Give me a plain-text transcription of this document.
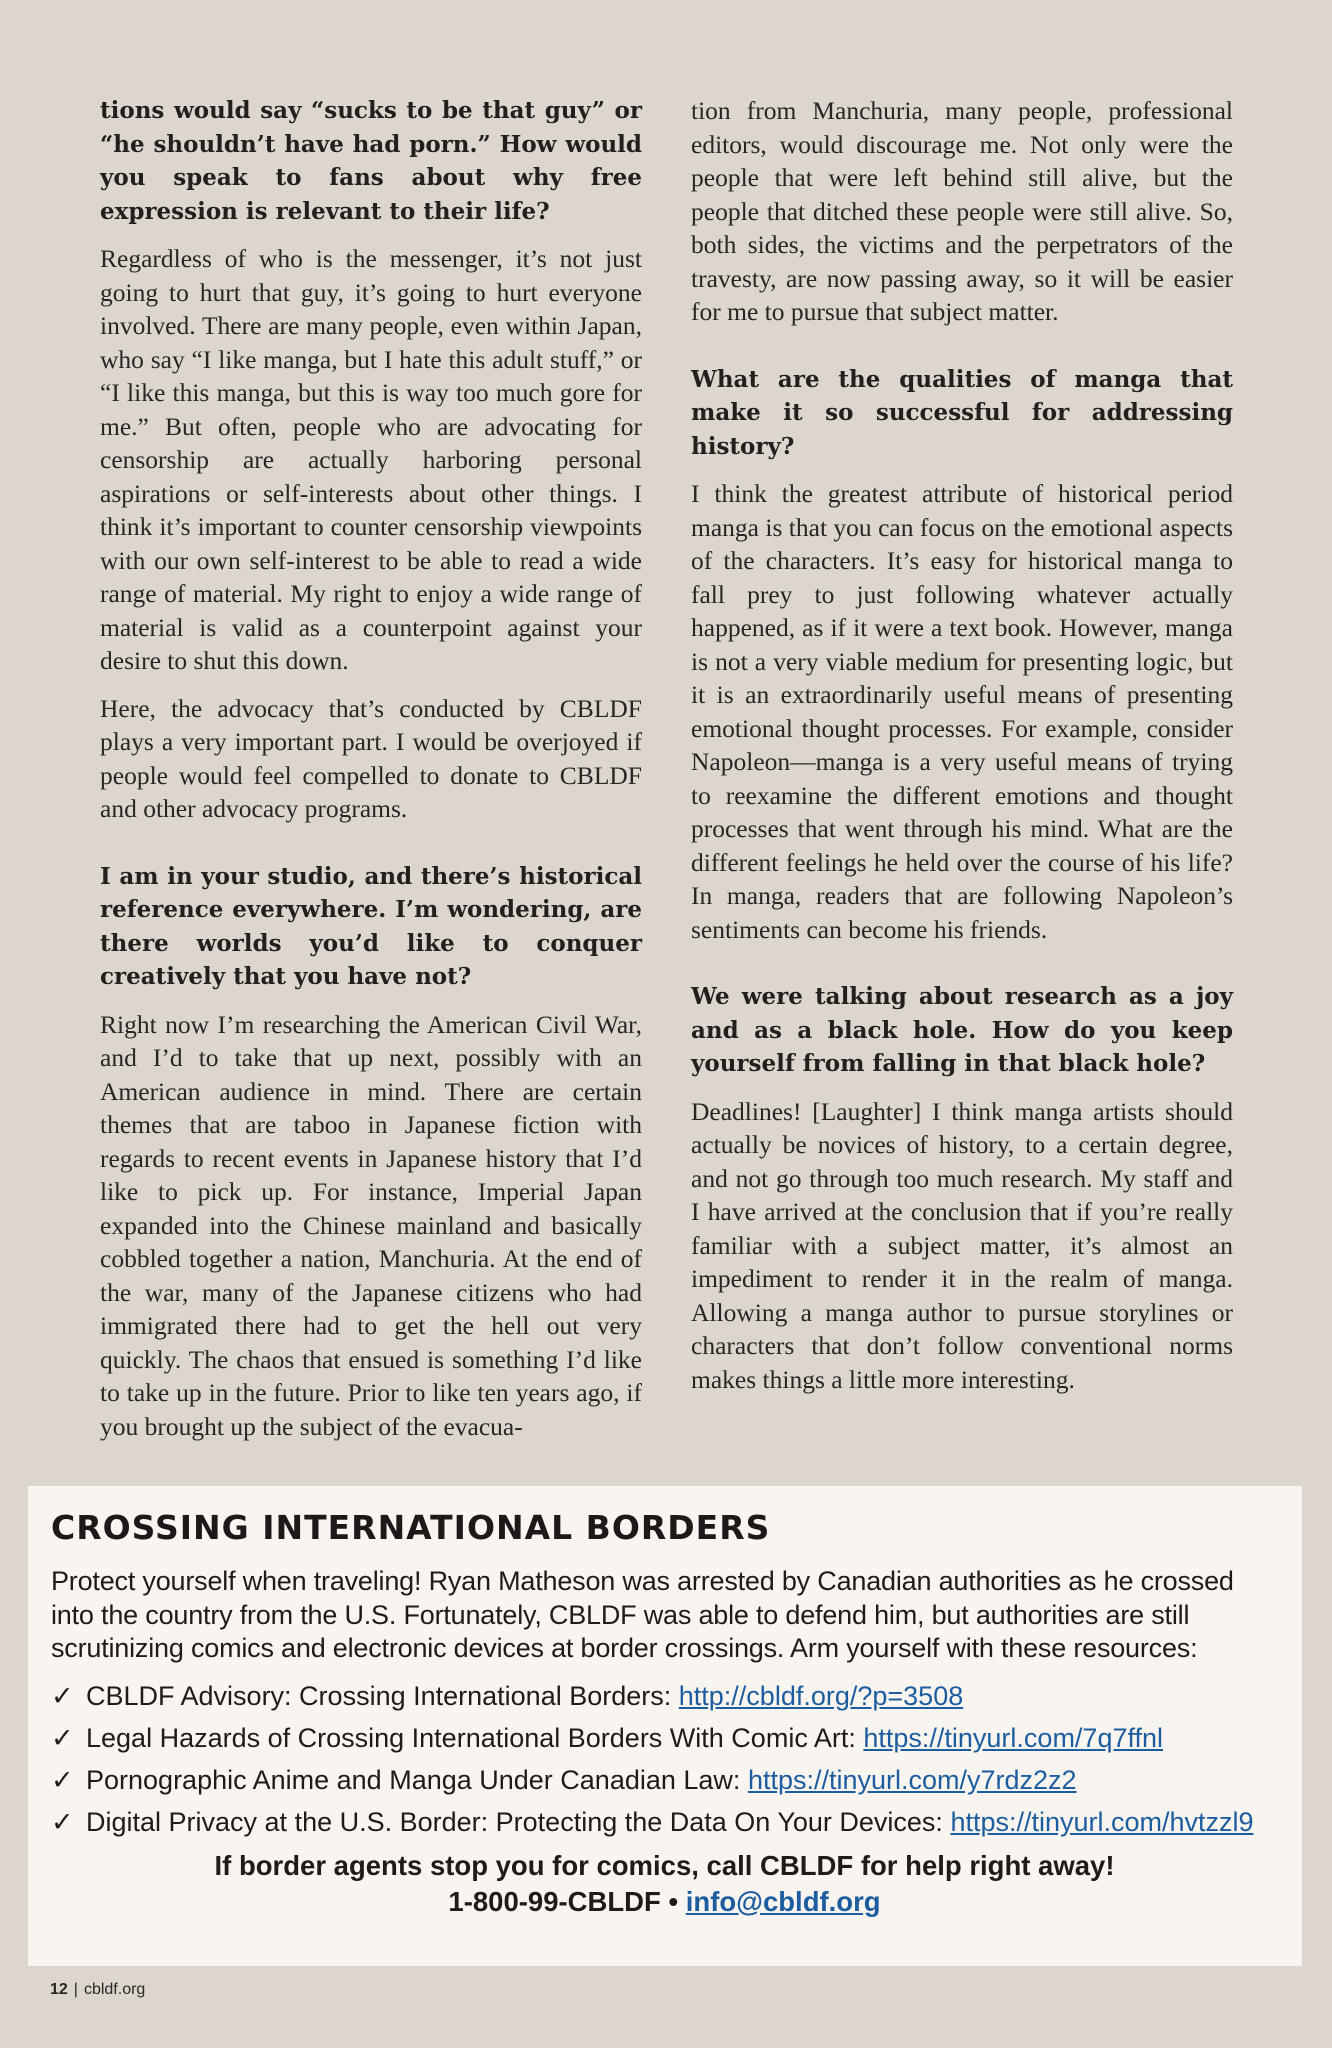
tions would say “sucks to be that guy” or “he shouldn’t have had porn.” How would you speak to fans about why free expression is relevant to their life?

Regardless of who is the messenger, it’s not just going to hurt that guy, it’s going to hurt everyone involved. There are many people, even within Japan, who say “I like manga, but I hate this adult stuff,” or “I like this manga, but this is way too much gore for me.” But often, people who are advocating for censorship are actually harboring personal aspirations or self-interests about other things. I think it’s important to counter censorship viewpoints with our own self-interest to be able to read a wide range of material. My right to enjoy a wide range of material is valid as a counterpoint against your desire to shut this down.

Here, the advocacy that’s conducted by CBLDF plays a very important part. I would be overjoyed if people would feel compelled to donate to CBLDF and other advocacy programs.

I am in your studio, and there’s historical reference everywhere. I’m wondering, are there worlds you’d like to conquer creatively that you have not?

Right now I’m researching the American Civil War, and I’d to take that up next, possibly with an American audience in mind. There are certain themes that are taboo in Japanese fiction with regards to recent events in Japanese history that I’d like to pick up. For instance, Imperial Japan expanded into the Chinese mainland and basically cobbled together a nation, Manchuria. At the end of the war, many of the Japanese citizens who had immigrated there had to get the hell out very quickly. The chaos that ensued is something I’d like to take up in the future. Prior to like ten years ago, if you brought up the subject of the evacua-

tion from Manchuria, many people, professional editors, would discourage me. Not only were the people that were left behind still alive, but the people that ditched these people were still alive. So, both sides, the victims and the perpetrators of the travesty, are now passing away, so it will be easier for me to pursue that subject matter.

What are the qualities of manga that make it so successful for addressing history?

I think the greatest attribute of historical period manga is that you can focus on the emotional aspects of the characters. It’s easy for historical manga to fall prey to just following whatever actually happened, as if it were a text book. However, manga is not a very viable medium for presenting logic, but it is an extraordinarily useful means of presenting emotional thought processes. For example, consider Napoleon—manga is a very useful means of trying to reexamine the different emotions and thought processes that went through his mind. What are the different feelings he held over the course of his life? In manga, readers that are following Napoleon’s sentiments can become his friends.

We were talking about research as a joy and as a black hole. How do you keep yourself from falling in that black hole?

Deadlines! [Laughter] I think manga artists should actually be novices of history, to a certain degree, and not go through too much research. My staff and I have arrived at the conclusion that if you’re really familiar with a subject matter, it’s almost an impediment to render it in the realm of manga. Allowing a manga author to pursue storylines or characters that don’t follow conventional norms makes things a little more interesting.

CROSSING INTERNATIONAL BORDERS

Protect yourself when traveling! Ryan Matheson was arrested by Canadian authorities as he crossed into the country from the U.S. Fortunately, CBLDF was able to defend him, but authorities are still scrutinizing comics and electronic devices at border crossings. Arm yourself with these resources:

✓ CBLDF Advisory: Crossing International Borders: http://cbldf.org/?p=3508
✓ Legal Hazards of Crossing International Borders With Comic Art: https://tinyurl.com/7q7ffnl
✓ Pornographic Anime and Manga Under Canadian Law: https://tinyurl.com/y7rdz2z2
✓ Digital Privacy at the U.S. Border: Protecting the Data On Your Devices: https://tinyurl.com/hvtzzl9
If border agents stop you for comics, call CBLDF for help right away!
1-800-99-CBLDF • info@cbldf.org
12 | cbldf.org
